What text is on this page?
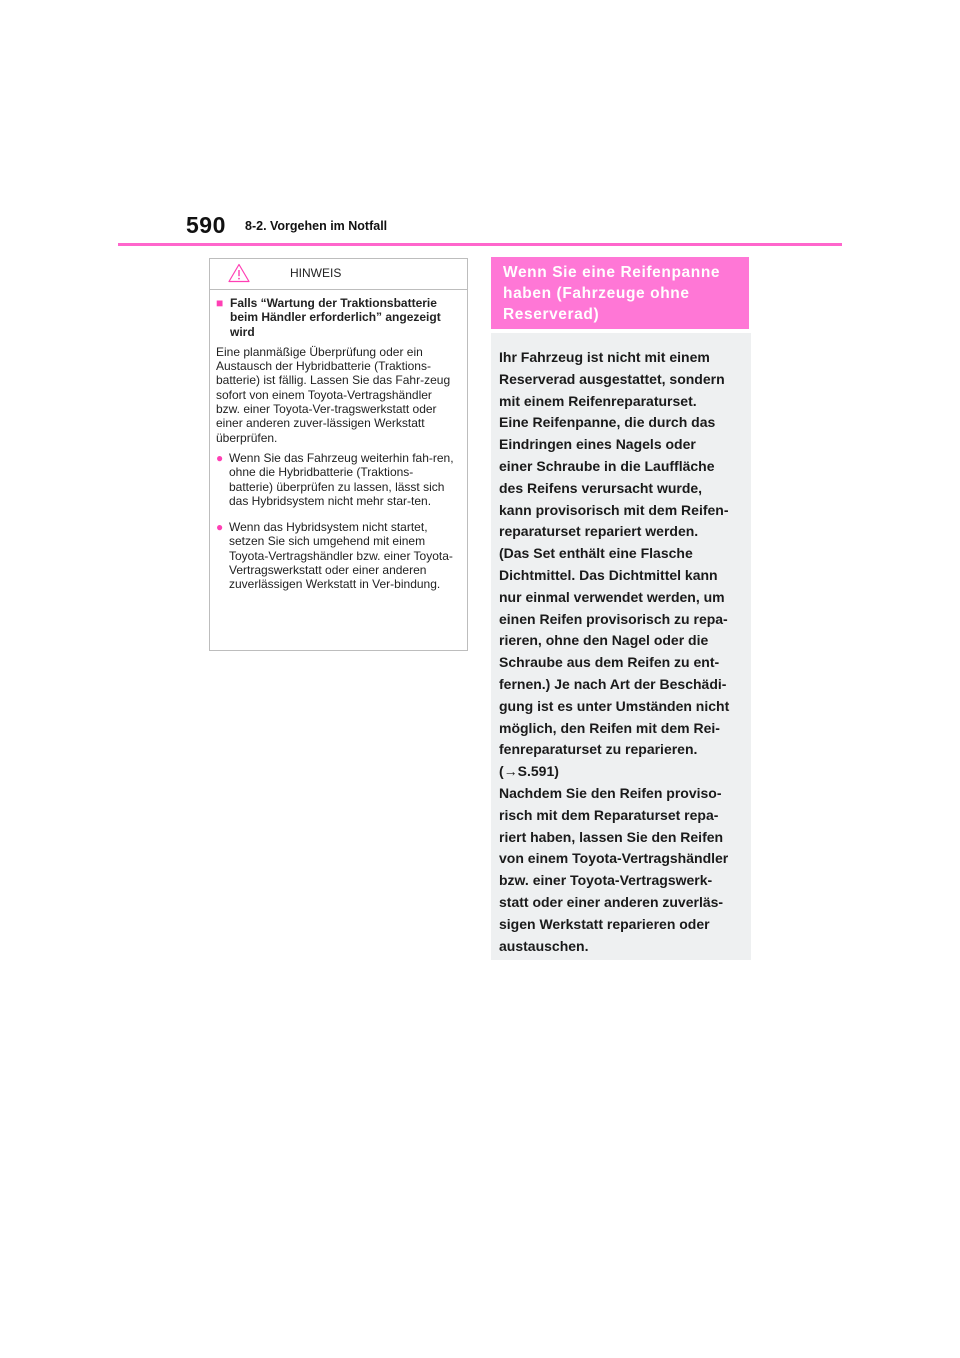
590 8-2. Vorgehen im Notfall
HINWEIS
■ Falls “Wartung der Traktionsbatterie beim Händler erforderlich” angezeigt wird
Eine planmäßige Überprüfung oder ein Austausch der Hybridbatterie (Traktions-batterie) ist fällig. Lassen Sie das Fahr-zeug sofort von einem Toyota-Vertragshändler bzw. einer Toyota-Ver-tragswerkstatt oder einer anderen zuver-lässigen Werkstatt überprüfen.
● Wenn Sie das Fahrzeug weiterhin fah-ren, ohne die Hybridbatterie (Traktions-batterie) überprüfen zu lassen, lässt sich das Hybridsystem nicht mehr star-ten.
● Wenn das Hybridsystem nicht startet, setzen Sie sich umgehend mit einem Toyota-Vertragshändler bzw. einer Toyota-Vertragswerkstatt oder einer anderen zuverlässigen Werkstatt in Ver-bindung.
Wenn Sie eine Reifenpanne haben (Fahrzeuge ohne Reserverad)

Ihr Fahrzeug ist nicht mit einem
Reserverad ausgestattet, sondern
mit einem Reifenreparaturset.
Eine Reifenpanne, die durch das
Eindringen eines Nagels oder
einer Schraube in die Lauffläche
des Reifens verursacht wurde,
kann provisorisch mit dem Reifen-
reparaturset repariert werden.
(Das Set enthält eine Flasche
Dichtmittel. Das Dichtmittel kann
nur einmal verwendet werden, um
einen Reifen provisorisch zu repa-
rieren, ohne den Nagel oder die
Schraube aus dem Reifen zu ent-
fernen.) Je nach Art der Beschädi-
gung ist es unter Umständen nicht
möglich, den Reifen mit dem Rei-
fenreparaturset zu reparieren.
(→S.591)

Nachdem Sie den Reifen proviso-
risch mit dem Reparaturset repa-
riert haben, lassen Sie den Reifen
von einem Toyota-Vertragshändler
bzw. einer Toyota-Vertragswerk-
statt oder einer anderen zuverläs-
sigen Werkstatt reparieren oder
austauschen.
